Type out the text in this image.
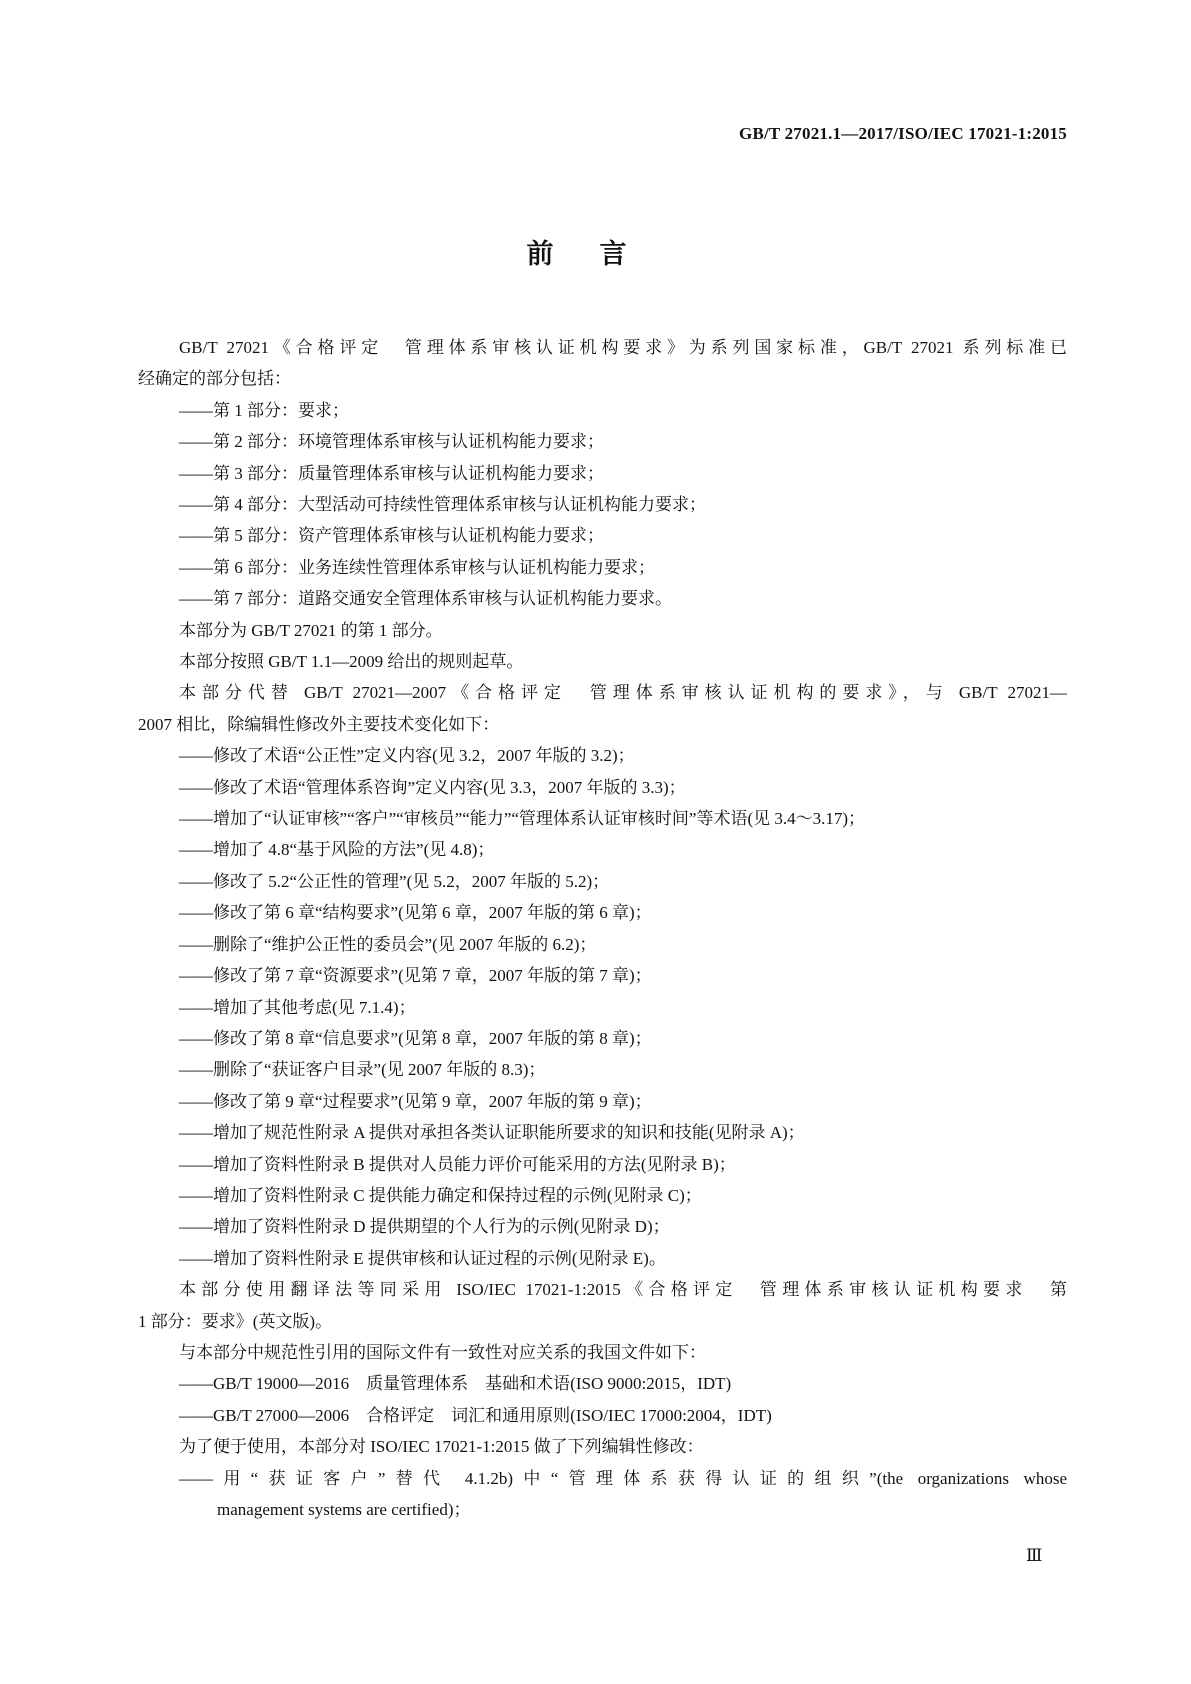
GB/T 27021.1—2017/ISO/IEC 17021-1:2015
前言
GB/T 27021《合格评定　管理体系审核认证机构要求》为系列国家标准，GB/T 27021 系列标准已
经确定的部分包括：
——第 1 部分：要求；
——第 2 部分：环境管理体系审核与认证机构能力要求；
——第 3 部分：质量管理体系审核与认证机构能力要求；
——第 4 部分：大型活动可持续性管理体系审核与认证机构能力要求；
——第 5 部分：资产管理体系审核与认证机构能力要求；
——第 6 部分：业务连续性管理体系审核与认证机构能力要求；
——第 7 部分：道路交通安全管理体系审核与认证机构能力要求。
本部分为 GB/T 27021 的第 1 部分。
本部分按照 GB/T 1.1—2009 给出的规则起草。
本部分代替 GB/T 27021—2007《合格评定　管理体系审核认证机构的要求》，与 GB/T 27021—
2007 相比，除编辑性修改外主要技术变化如下：
——修改了术语“公正性”定义内容(见 3.2，2007 年版的 3.2)；
——修改了术语“管理体系咨询”定义内容(见 3.3，2007 年版的 3.3)；
——增加了“认证审核”“客户”“审核员”“能力”“管理体系认证审核时间”等术语(见 3.4～3.17)；
——增加了 4.8“基于风险的方法”(见 4.8)；
——修改了 5.2“公正性的管理”(见 5.2，2007 年版的 5.2)；
——修改了第 6 章“结构要求”(见第 6 章，2007 年版的第 6 章)；
——删除了“维护公正性的委员会”(见 2007 年版的 6.2)；
——修改了第 7 章“资源要求”(见第 7 章，2007 年版的第 7 章)；
——增加了其他考虑(见 7.1.4)；
——修改了第 8 章“信息要求”(见第 8 章，2007 年版的第 8 章)；
——删除了“获证客户目录”(见 2007 年版的 8.3)；
——修改了第 9 章“过程要求”(见第 9 章，2007 年版的第 9 章)；
——增加了规范性附录 A 提供对承担各类认证职能所要求的知识和技能(见附录 A)；
——增加了资料性附录 B 提供对人员能力评价可能采用的方法(见附录 B)；
——增加了资料性附录 C 提供能力确定和保持过程的示例(见附录 C)；
——增加了资料性附录 D 提供期望的个人行为的示例(见附录 D)；
——增加了资料性附录 E 提供审核和认证过程的示例(见附录 E)。
本部分使用翻译法等同采用 ISO/IEC 17021-1:2015《合格评定　管理体系审核认证机构要求　第
1 部分：要求》(英文版)。
与本部分中规范性引用的国际文件有一致性对应关系的我国文件如下：
——GB/T 19000—2016　质量管理体系　基础和术语(ISO 9000:2015，IDT)
——GB/T 27000—2006　合格评定　词汇和通用原则(ISO/IEC 17000:2004，IDT)
为了便于使用，本部分对 ISO/IEC 17021-1:2015 做了下列编辑性修改：
——用“获证客户”替代 4.1.2b)中“管理体系获得认证的组织”(the organizations whose
management systems are certified)；
Ⅲ
